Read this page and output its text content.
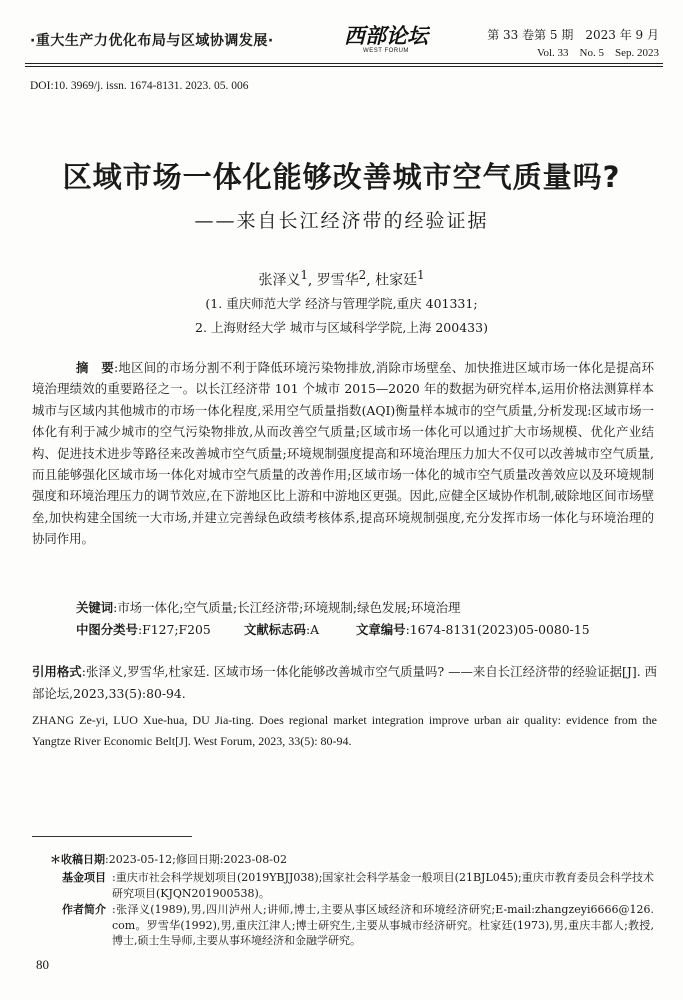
·重大生产力优化布局与区域协调发展·	西部论坛
WEST FORUM
第 33 卷第 5 期　2023 年 9 月
Vol. 33　No. 5　Sep. 2023
DOI:10. 3969/j. issn. 1674-8131. 2023. 05. 006
区域市场一体化能够改善城市空气质量吗?
——来自长江经济带的经验证据
张泽义$^1$, 罗雪华$^2$, 杜家廷$^1$
(1. 重庆师范大学 经济与管理学院,重庆 401331;
2. 上海财经大学 城市与区域科学学院,上海 200433)
摘　要:地区间的市场分割不利于降低环境污染物排放,消除市场壁垒、加快推进区域市场一体化是提高环境治理绩效的重要路径之一。以长江经济带 101 个城市 2015—2020 年的数据为研究样本,运用价格法测算样本城市与区域内其他城市的市场一体化程度,采用空气质量指数(AQI)衡量样本城市的空气质量,分析发现:区域市场一体化有利于减少城市的空气污染物排放,从而改善空气质量;区域市场一体化可以通过扩大市场规模、优化产业结构、促进技术进步等路径来改善城市空气质量;环境规制强度提高和环境治理压力加大不仅可以改善城市空气质量,而且能够强化区域市场一体化对城市空气质量的改善作用;区域市场一体化的城市空气质量改善效应以及环境规制强度和环境治理压力的调节效应,在下游地区比上游和中游地区更强。因此,应健全区域协作机制,破除地区间市场壁垒,加快构建全国统一大市场,并建立完善绿色政绩考核体系,提高环境规制强度,充分发挥市场一体化与环境治理的协同作用。
关键词:市场一体化;空气质量;长江经济带;环境规制;绿色发展;环境治理
中图分类号:F127;F205	文献标志码:A	文章编号:1674-8131(2023)05-0080-15
引用格式:张泽义,罗雪华,杜家廷. 区域市场一体化能够改善城市空气质量吗? ——来自长江经济带的经验证据[J]. 西部论坛,2023,33(5):80-94.
ZHANG Ze-yi, LUO Xue-hua, DU Jia-ting. Does regional market integration improve urban air quality: evidence from the Yangtze River Economic Belt[J]. West Forum, 2023, 33(5): 80-94.
＊收稿日期:2023-05-12;修回日期:2023-08-02
基金项目 :重庆市社会科学规划项目(2019YBJJ038);国家社会科学基金一般项目(21BJL045);重庆市教育委员会科学技术研究项目(KJQN201900538)。
作者简介 :张泽义(1989),男,四川泸州人;讲师,博士,主要从事区域经济和环境经济研究;E-mail:zhangzeyi6666@126. com。罗雪华(1992),男,重庆江津人;博士研究生,主要从事城市经济研究。杜家廷(1973),男,重庆丰都人;教授,博士,硕士生导师,主要从事环境经济和金融学研究。
80
